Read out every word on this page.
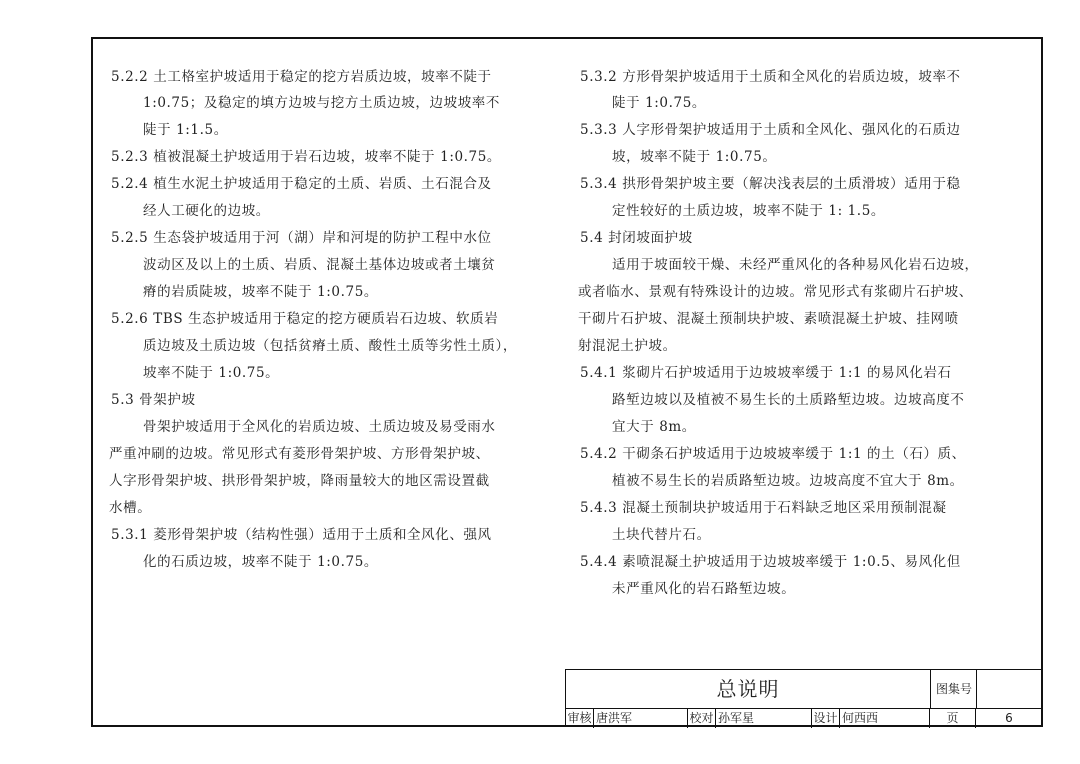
5.2.2 土工格室护坡适用于稳定的挖方岩质边坡，坡率不陡于
1:0.75；及稳定的填方边坡与挖方土质边坡，边坡坡率不
陡于 1:1.5。
5.2.3 植被混凝土护坡适用于岩石边坡，坡率不陡于 1:0.75。
5.2.4 植生水泥土护坡适用于稳定的土质、岩质、土石混合及
经人工硬化的边坡。
5.2.5 生态袋护坡适用于河（湖）岸和河堤的防护工程中水位
波动区及以上的土质、岩质、混凝土基体边坡或者土壤贫
瘠的岩质陡坡，坡率不陡于 1:0.75。
5.2.6 TBS 生态护坡适用于稳定的挖方硬质岩石边坡、软质岩
质边坡及土质边坡（包括贫瘠土质、酸性土质等劣性土质），
坡率不陡于 1:0.75。
5.3 骨架护坡
骨架护坡适用于全风化的岩质边坡、土质边坡及易受雨水
严重冲刷的边坡。常见形式有菱形骨架护坡、方形骨架护坡、
人字形骨架护坡、拱形骨架护坡，降雨量较大的地区需设置截
水槽。
5.3.1 菱形骨架护坡（结构性强）适用于土质和全风化、强风
化的石质边坡，坡率不陡于 1:0.75。
5.3.2 方形骨架护坡适用于土质和全风化的岩质边坡，坡率不
陡于 1:0.75。
5.3.3 人字形骨架护坡适用于土质和全风化、强风化的石质边
坡，坡率不陡于 1:0.75。
5.3.4 拱形骨架护坡主要（解决浅表层的土质滑坡）适用于稳
定性较好的土质边坡，坡率不陡于 1: 1.5。
5.4 封闭坡面护坡
适用于坡面较干燥、未经严重风化的各种易风化岩石边坡，
或者临水、景观有特殊设计的边坡。常见形式有浆砌片石护坡、
干砌片石护坡、混凝土预制块护坡、素喷混凝土护坡、挂网喷
射混泥土护坡。
5.4.1 浆砌片石护坡适用于边坡坡率缓于 1:1 的易风化岩石
路堑边坡以及植被不易生长的土质路堑边坡。边坡高度不
宜大于 8m。
5.4.2 干砌条石护坡适用于边坡坡率缓于 1:1 的土（石）质、
植被不易生长的岩质路堑边坡。边坡高度不宜大于 8m。
5.4.3 混凝土预制块护坡适用于石料缺乏地区采用预制混凝
土块代替片石。
5.4.4 素喷混凝土护坡适用于边坡坡率缓于 1:0.5、易风化但
未严重风化的岩石路堑边坡。
总说明	图集号
审核 唐洪军	校对 孙军星	设计 何西西	页	6
